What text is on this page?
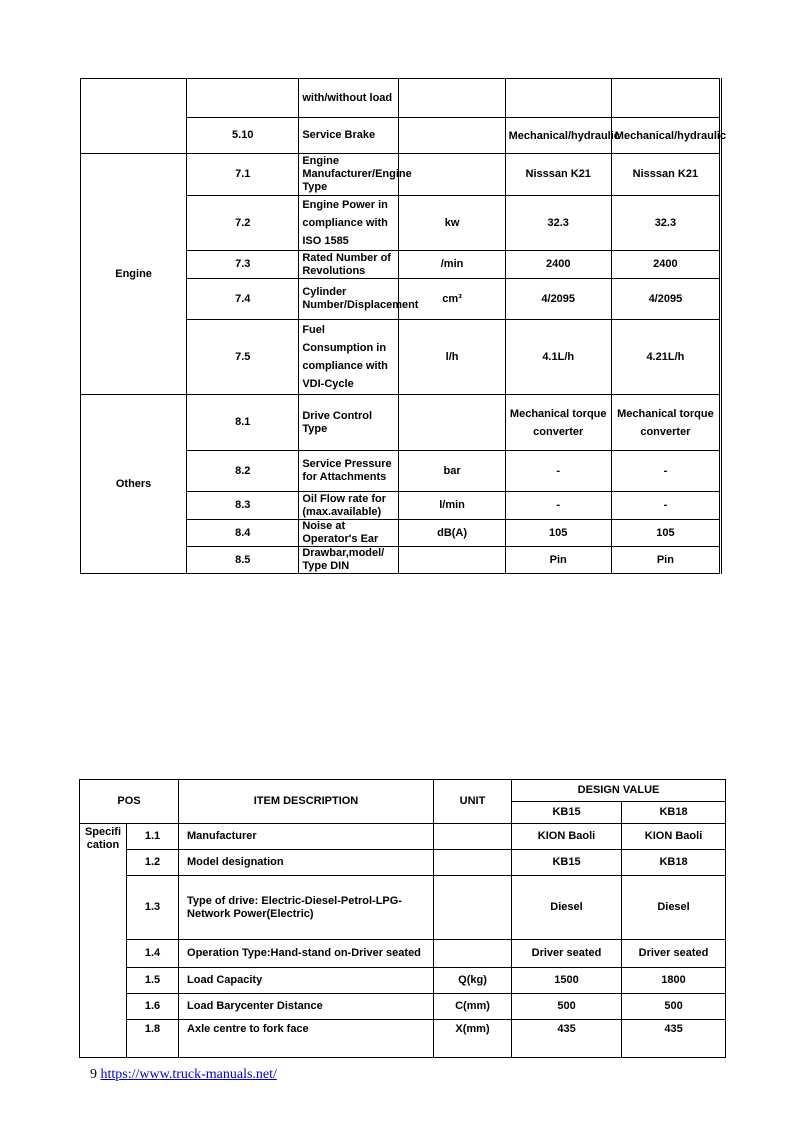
		with/without load			
	5.10	Service Brake		Mechanical/hydraulic	Mechanical/hydraulic
Engine	7.1	Engine Manufacturer/Engine Type		Nisssan K21	Nisssan K21
	7.2	Engine Power in compliance with ISO 1585	kw	32.3	32.3
	7.3	Rated Number of Revolutions	/min	2400	2400
	7.4	Cylinder Number/Displacement	cm³	4/2095	4/2095
	7.5	Fuel Consumption in compliance with VDI-Cycle	l/h	4.1L/h	4.21L/h
Others	8.1	Drive Control Type		Mechanical torque converter	Mechanical torque converter
	8.2	Service Pressure for Attachments	bar	-	-
	8.3	Oil Flow rate for (max.available)	l/min	-	-
	8.4	Noise at Operator's Ear	dB(A)	105	105
	8.5	Drawbar,model/ Type DIN		Pin	Pin
POS		ITEM DESCRIPTION	UNIT	DESIGN VALUE	
				KB15	KB18
Specification	1.1	Manufacturer		KION Baoli	KION Baoli
	1.2	Model designation		KB15	KB18
	1.3	Type of drive: Electric-Diesel-Petrol-LPG-Network Power(Electric)		Diesel	Diesel
	1.4	Operation Type:Hand-stand on-Driver seated		Driver seated	Driver seated
	1.5	Load Capacity	Q(kg)	1500	1800
	1.6	Load Barycenter Distance	C(mm)	500	500
	1.8	Axle centre to fork face	X(mm)	435	435
9 https://www.truck-manuals.net/
